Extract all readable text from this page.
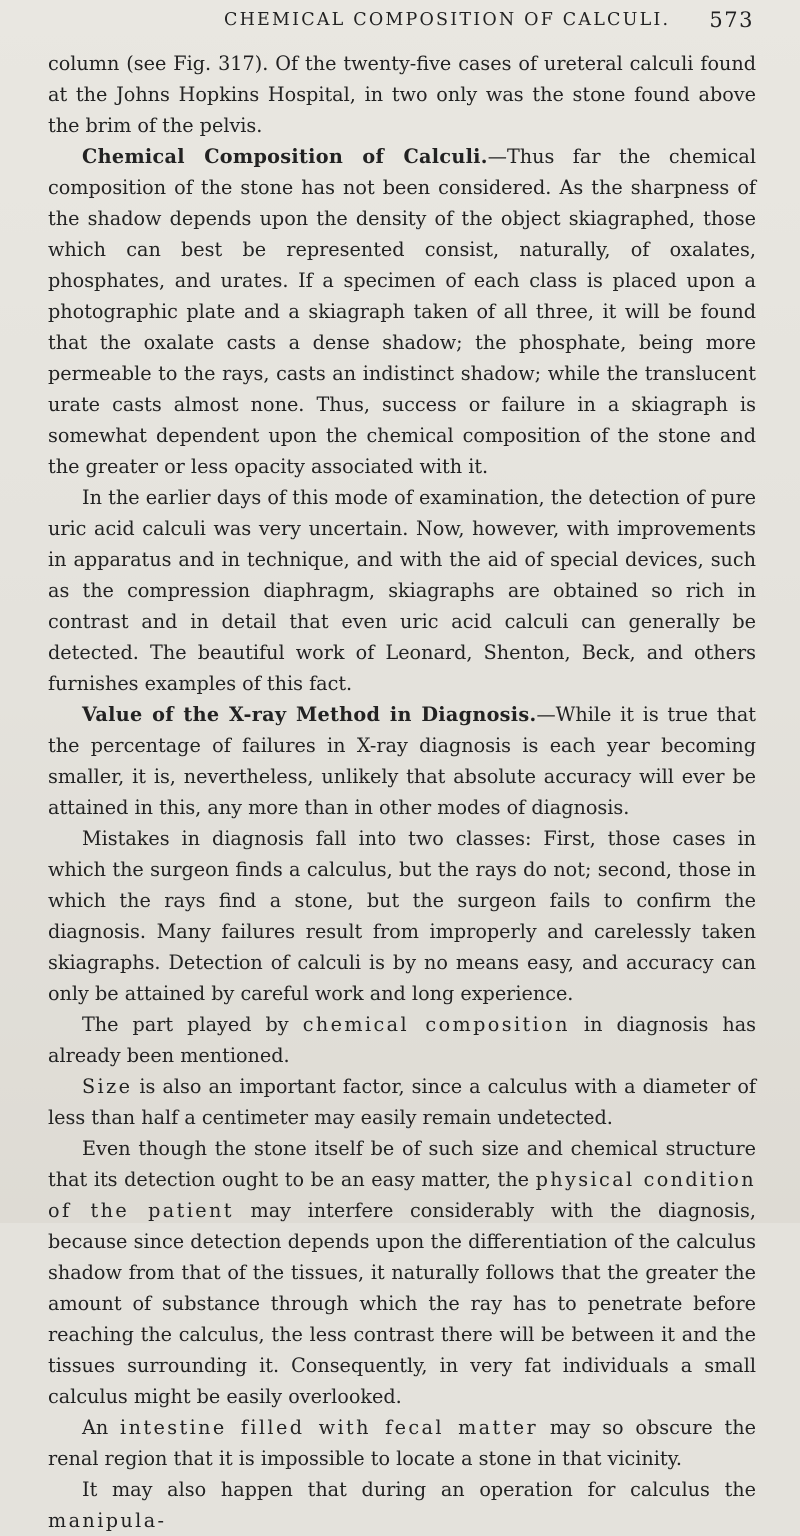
CHEMICAL COMPOSITION OF CALCULI. 573

column (see Fig. 317). Of the twenty-five cases of ureteral calculi found at the Johns Hopkins Hospital, in two only was the stone found above the brim of the pelvis.

Chemical Composition of Calculi.—Thus far the chemical composition of the stone has not been considered. As the sharpness of the shadow depends upon the density of the object skiagraphed, those which can best be represented consist, naturally, of oxalates, phosphates, and urates. If a specimen of each class is placed upon a photographic plate and a skiagraph taken of all three, it will be found that the oxalate casts a dense shadow; the phosphate, being more permeable to the rays, casts an indistinct shadow; while the translucent urate casts almost none. Thus, success or failure in a skiagraph is somewhat dependent upon the chemical composition of the stone and the greater or less opacity associated with it.

In the earlier days of this mode of examination, the detection of pure uric acid calculi was very uncertain. Now, however, with improvements in apparatus and in technique, and with the aid of special devices, such as the compression diaphragm, skiagraphs are obtained so rich in contrast and in detail that even uric acid calculi can generally be detected. The beautiful work of Leonard, Shenton, Beck, and others furnishes examples of this fact.

Value of the X-ray Method in Diagnosis.—While it is true that the percentage of failures in X-ray diagnosis is each year becoming smaller, it is, nevertheless, unlikely that absolute accuracy will ever be attained in this, any more than in other modes of diagnosis.

Mistakes in diagnosis fall into two classes: First, those cases in which the surgeon finds a calculus, but the rays do not; second, those in which the rays find a stone, but the surgeon fails to confirm the diagnosis. Many failures result from improperly and carelessly taken skiagraphs. Detection of calculi is by no means easy, and accuracy can only be attained by careful work and long experience.

The part played by chemical composition in diagnosis has already been mentioned.

Size is also an important factor, since a calculus with a diameter of less than half a centimeter may easily remain undetected.

Even though the stone itself be of such size and chemical structure that its detection ought to be an easy matter, the physical condition of the patient may interfere considerably with the diagnosis, because since detection depends upon the differentiation of the calculus shadow from that of the tissues, it naturally follows that the greater the amount of substance through which the ray has to penetrate before reaching the calculus, the less contrast there will be between it and the tissues surrounding it. Consequently, in very fat individuals a small calculus might be easily overlooked.

An intestine filled with fecal matter may so obscure the renal region that it is impossible to locate a stone in that vicinity.

It may also happen that during an operation for calculus the manipula-
